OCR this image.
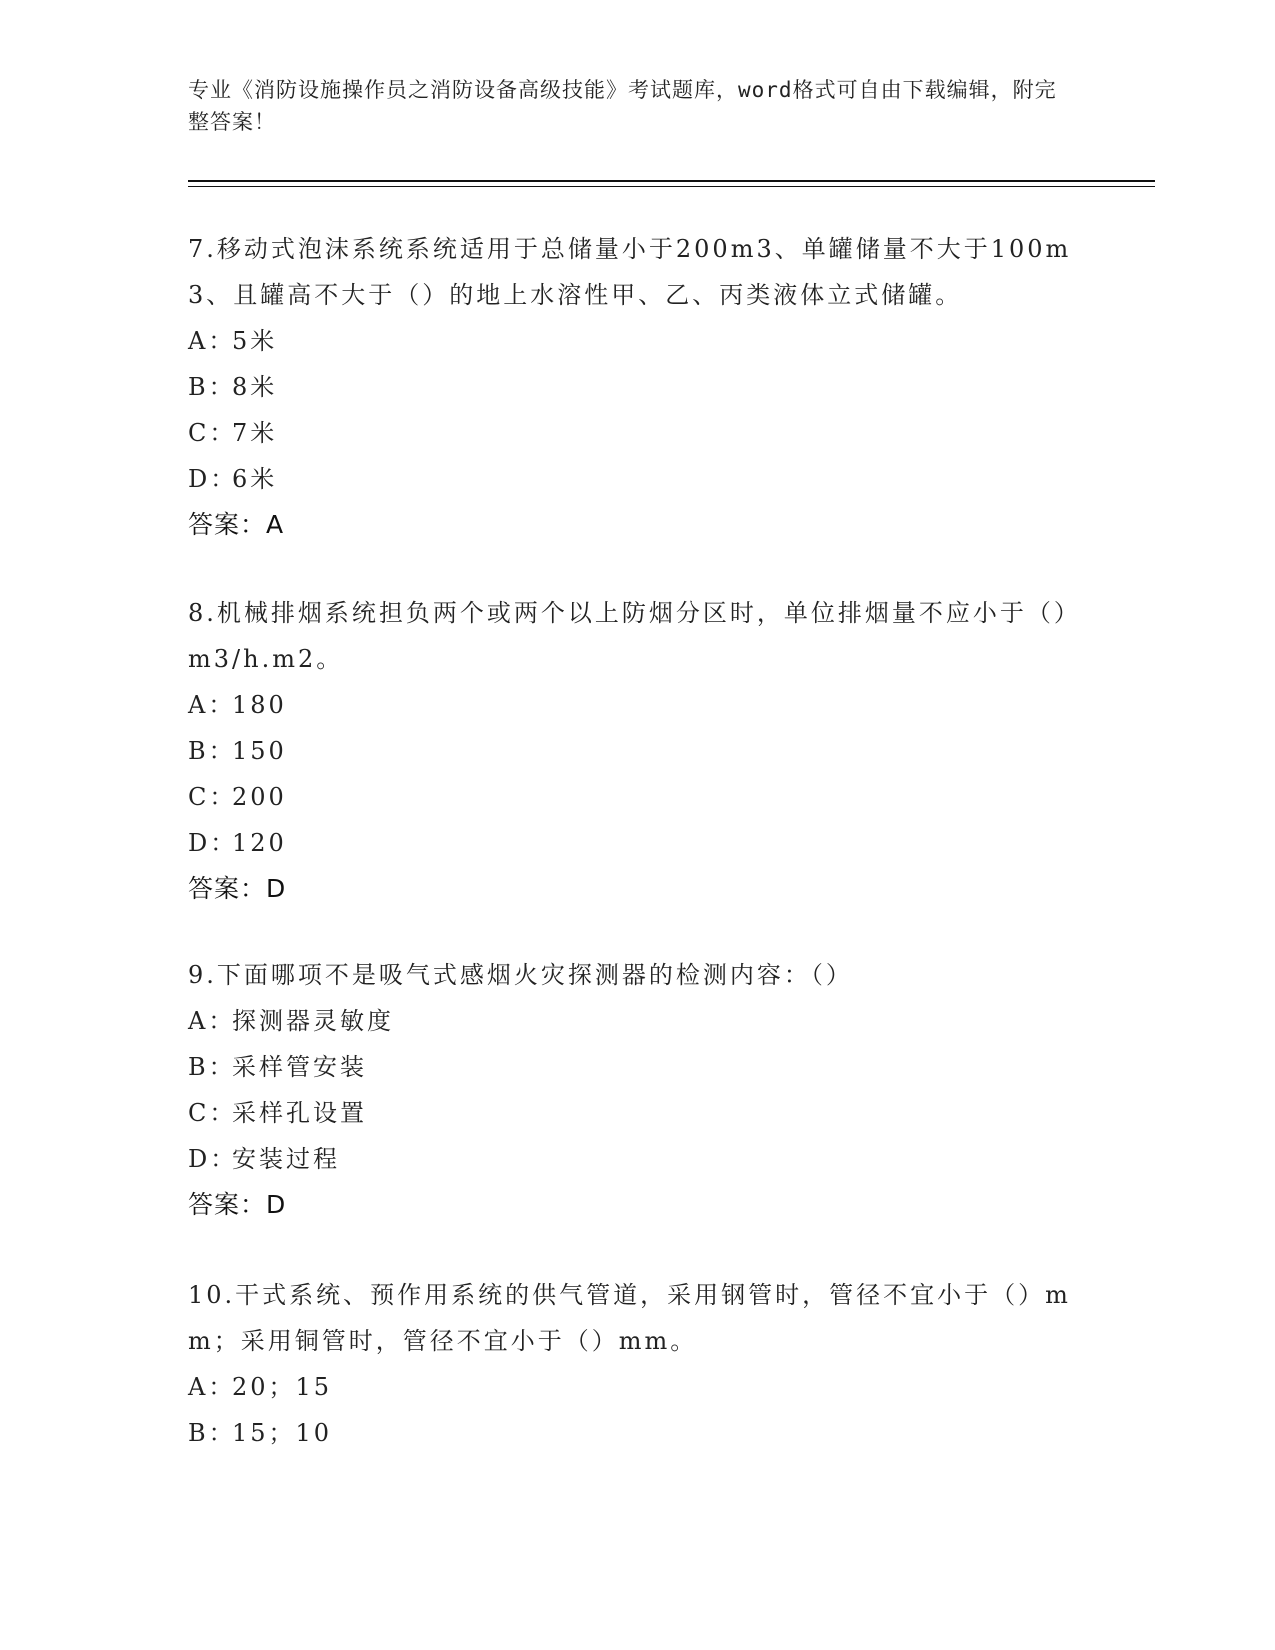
专业《消防设施操作员之消防设备高级技能》考试题库，word格式可自由下载编辑，附完整答案！
7.移动式泡沫系统系统适用于总储量小于200m3、单罐储量不大于100m3、且罐高不大于（）的地上水溶性甲、乙、丙类液体立式储罐。
A：5米
B：8米
C：7米
D：6米
答案：A
8.机械排烟系统担负两个或两个以上防烟分区时，单位排烟量不应小于（）m3/h.m2。
A：180
B：150
C：200
D：120
答案：D
9.下面哪项不是吸气式感烟火灾探测器的检测内容：（）
A：探测器灵敏度
B：采样管安装
C：采样孔设置
D：安装过程
答案：D
10.干式系统、预作用系统的供气管道，采用钢管时，管径不宜小于（）mm；采用铜管时，管径不宜小于（）mm。
A：20；15
B：15；10
